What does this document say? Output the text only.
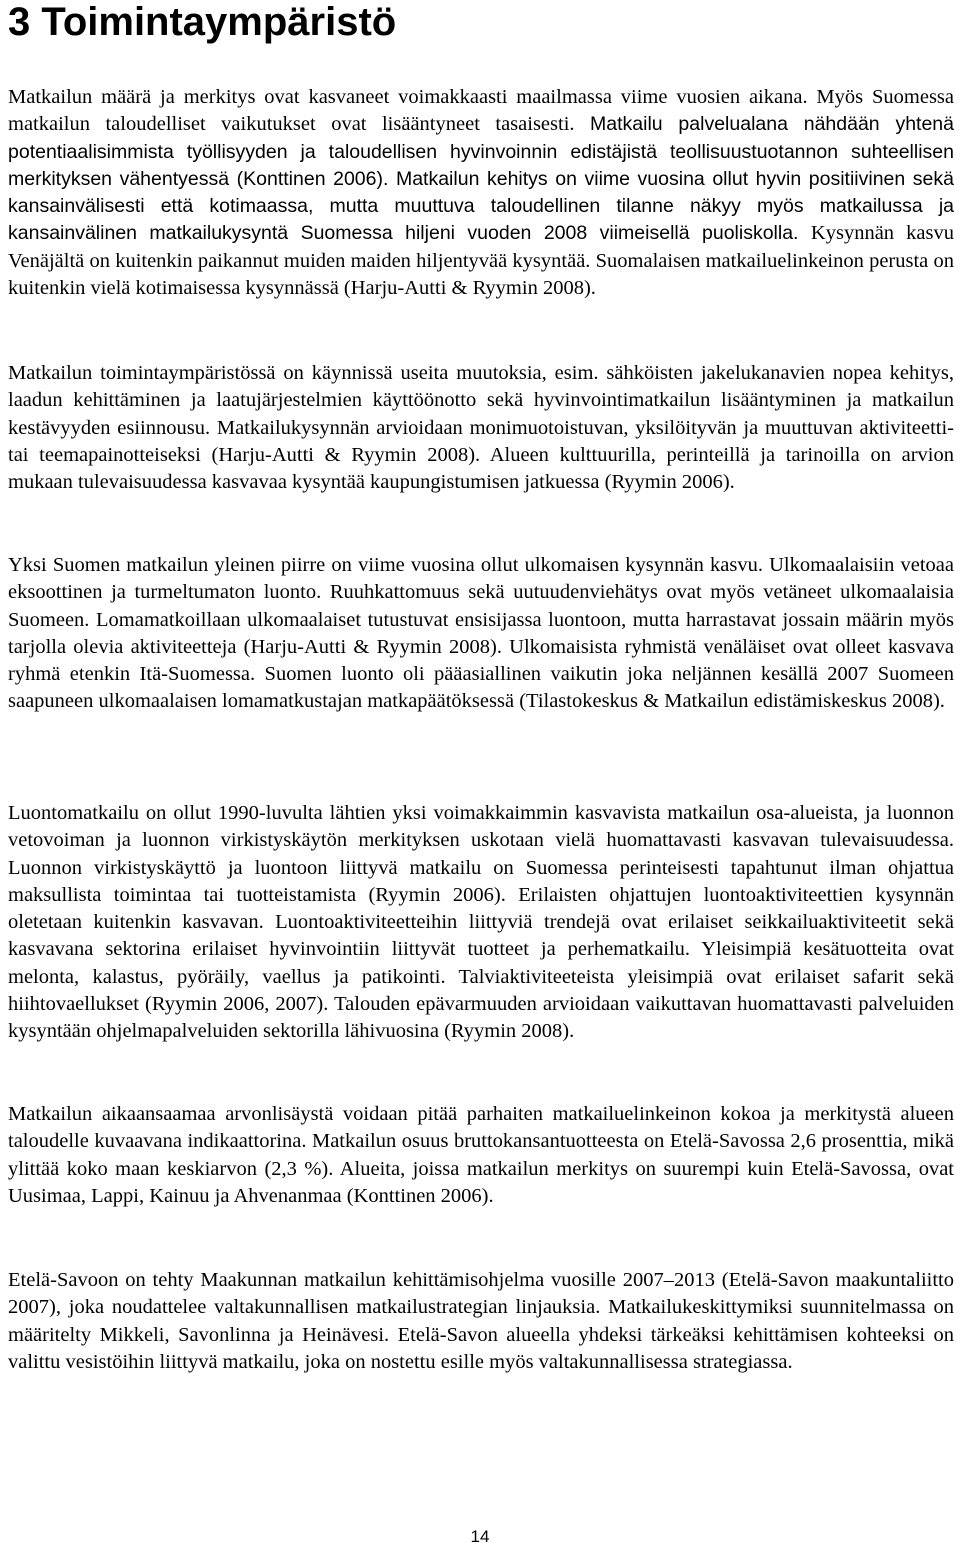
3 Toimintaympäristö

Matkailun määrä ja merkitys ovat kasvaneet voimakkaasti maailmassa viime vuosien aikana. Myös Suomessa matkailun taloudelliset vaikutukset ovat lisääntyneet tasaisesti. Matkailu palvelualana nähdään yhtenä potentiaalisimmista työllisyyden ja taloudellisen hyvinvoinnin edistäjistä teollisuustuotannon suhteellisen merkityksen vähentyessä (Konttinen 2006). Matkailun kehitys on viime vuosina ollut hyvin positiivinen sekä kansainvälisesti että kotimaassa, mutta muuttuva taloudellinen tilanne näkyy myös matkailussa ja kansainvälinen matkailukysyntä Suomessa hiljeni vuoden 2008 viimeisellä puoliskolla. Kysynnän kasvu Venäjältä on kuitenkin paikannut muiden maiden hiljentyvää kysyntää. Suomalaisen matkailuelinkeinon perusta on kuitenkin vielä kotimaisessa kysynnässä (Harju-Autti & Ryymin 2008).

Matkailun toimintaympäristössä on käynnissä useita muutoksia, esim. sähköisten jakelukanavien nopea kehitys, laadun kehittäminen ja laatujärjestelmien käyttöönotto sekä hyvinvointimatkailun lisääntyminen ja matkailun kestävyyden esiinnousu. Matkailukysynnän arvioidaan monimuotoistuvan, yksilöityvän ja muuttuvan aktiviteetti- tai teemapainotteiseksi (Harju-Autti & Ryymin 2008). Alueen kulttuurilla, perinteillä ja tarinoilla on arvion mukaan tulevaisuudessa kasvavaa kysyntää kaupungistumisen jatkuessa (Ryymin 2006).

Yksi Suomen matkailun yleinen piirre on viime vuosina ollut ulkomaisen kysynnän kasvu. Ulkomaalaisiin vetoaa eksoottinen ja turmeltumaton luonto. Ruuhkattomuus sekä uutuudenviehätys ovat myös vetäneet ulkomaalaisia Suomeen. Lomamatkoillaan ulkomaalaiset tutustuvat ensisijassa luontoon, mutta harrastavat jossain määrin myös tarjolla olevia aktiviteetteja (Harju-Autti & Ryymin 2008). Ulkomaisista ryhmistä venäläiset ovat olleet kasvava ryhmä etenkin Itä-Suomessa. Suomen luonto oli pääasiallinen vaikutin joka neljännen kesällä 2007 Suomeen saapuneen ulkomaalaisen lomamatkustajan matkapäätöksessä (Tilastokeskus & Matkailun edistämiskeskus 2008).

Luontomatkailu on ollut 1990-luvulta lähtien yksi voimakkaimmin kasvavista matkailun osa-alueista, ja luonnon vetovoiman ja luonnon virkistyskäytön merkityksen uskotaan vielä huomattavasti kasvavan tulevaisuudessa. Luonnon virkistyskäyttö ja luontoon liittyvä matkailu on Suomessa perinteisesti tapahtunut ilman ohjattua maksullista toimintaa tai tuotteistamista (Ryymin 2006). Erilaisten ohjattujen luontoaktiviteettien kysynnän oletetaan kuitenkin kasvavan. Luontoaktiviteetteihin liittyviä trendejä ovat erilaiset seikkailuaktiviteetit sekä kasvavana sektorina erilaiset hyvinvointiin liittyvät tuotteet ja perhematkailu. Yleisimpiä kesätuotteita ovat melonta, kalastus, pyöräily, vaellus ja patikointi. Talviaktiviteeteista yleisimpiä ovat erilaiset safarit sekä hiihtovaellukset (Ryymin 2006, 2007). Talouden epävarmuuden arvioidaan vaikuttavan huomattavasti palveluiden kysyntään ohjelmapalveluiden sektorilla lähivuosina (Ryymin 2008).

Matkailun aikaansaamaa arvonlisäystä voidaan pitää parhaiten matkailuelinkeinon kokoa ja merkitystä alueen taloudelle kuvaavana indikaattorina. Matkailun osuus bruttokansantuotteesta on Etelä-Savossa 2,6 prosenttia, mikä ylittää koko maan keskiarvon (2,3 %). Alueita, joissa matkailun merkitys on suurempi kuin Etelä-Savossa, ovat Uusimaa, Lappi, Kainuu ja Ahvenanmaa (Konttinen 2006).

Etelä-Savoon on tehty Maakunnan matkailun kehittämisohjelma vuosille 2007–2013 (Etelä-Savon maakuntaliitto 2007), joka noudattelee valtakunnallisen matkailustrategian linjauksia. Matkailukeskittymiksi suunnitelmassa on määritelty Mikkeli, Savonlinna ja Heinävesi. Etelä-Savon alueella yhdeksi tärkeäksi kehittämisen kohteeksi on valittu vesistöihin liittyvä matkailu, joka on nostettu esille myös valtakunnallisessa strategiassa.

14
